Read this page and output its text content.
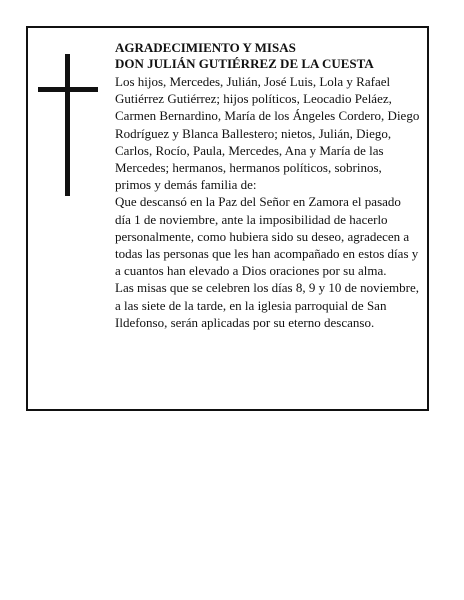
AGRADECIMIENTO Y MISAS
DON JULIÁN GUTIÉRREZ DE LA CUESTA

Los hijos, Mercedes, Julián, José Luis, Lola y Rafael Gutiérrez Gutiérrez; hijos políticos, Leocadio Peláez, Carmen Bernardino, María de los Ángeles Cordero, Diego Rodríguez y Blanca Ballestero; nietos, Julián, Diego, Carlos, Rocío, Paula, Mercedes, Ana y María de las Mercedes; hermanos, hermanos políticos, sobrinos, primos y demás familia de:

Que descansó en la Paz del Señor en Zamora el pasado día 1 de noviembre, ante la imposibilidad de hacerlo personalmente, como hubiera sido su deseo, agradecen a todas las personas que les han acompañado en estos días y a cuantos han elevado a Dios oraciones por su alma.

Las misas que se celebren los días 8, 9 y 10 de noviembre, a las siete de la tarde, en la iglesia parroquial de San Ildefonso, serán aplicadas por su eterno descanso.
